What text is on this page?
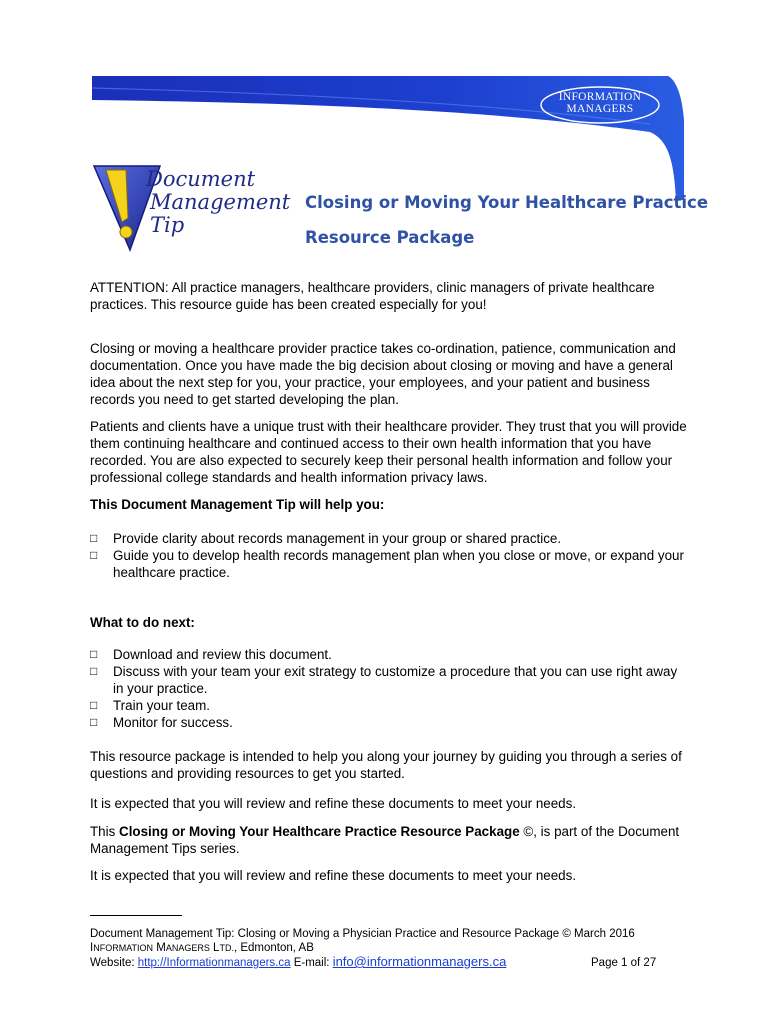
INFORMATION
MANAGERS
Document
Management
Tip
Closing or Moving Your Healthcare Practice
Resource Package

ATTENTION: All practice managers, healthcare providers, clinic managers of private healthcare practices. This resource guide has been created especially for you!

Closing or moving a healthcare provider practice takes co-ordination, patience, communication and documentation. Once you have made the big decision about closing or moving and have a general idea about the next step for you, your practice, your employees, and your patient and business records you need to get started developing the plan.

Patients and clients have a unique trust with their healthcare provider. They trust that you will provide them continuing healthcare and continued access to their own health information that you have recorded. You are also expected to securely keep their personal health information and follow your professional college standards and health information privacy laws.

This Document Management Tip will help you:
□	Provide clarity about records management in your group or shared practice.
□	Guide you to develop health records management plan when you close or move, or expand your healthcare practice.
What to do next:
□	Download and review this document.
□	Discuss with your team your exit strategy to customize a procedure that you can use right away in your practice.
□	Train your team.
□	Monitor for success.

This resource package is intended to help you along your journey by guiding you through a series of questions and providing resources to get you started.

It is expected that you will review and refine these documents to meet your needs.

This Closing or Moving Your Healthcare Practice Resource Package ©, is part of the Document Management Tips series.

It is expected that you will review and refine these documents to meet your needs.

Document Management Tip: Closing or Moving a Physician Practice and Resource Package © March 2016
INFORMATION MANAGERS LTD., Edmonton, AB
Website: http://Informationmanagers.ca E-mail: info@informationmanagers.ca	Page 1 of 27
